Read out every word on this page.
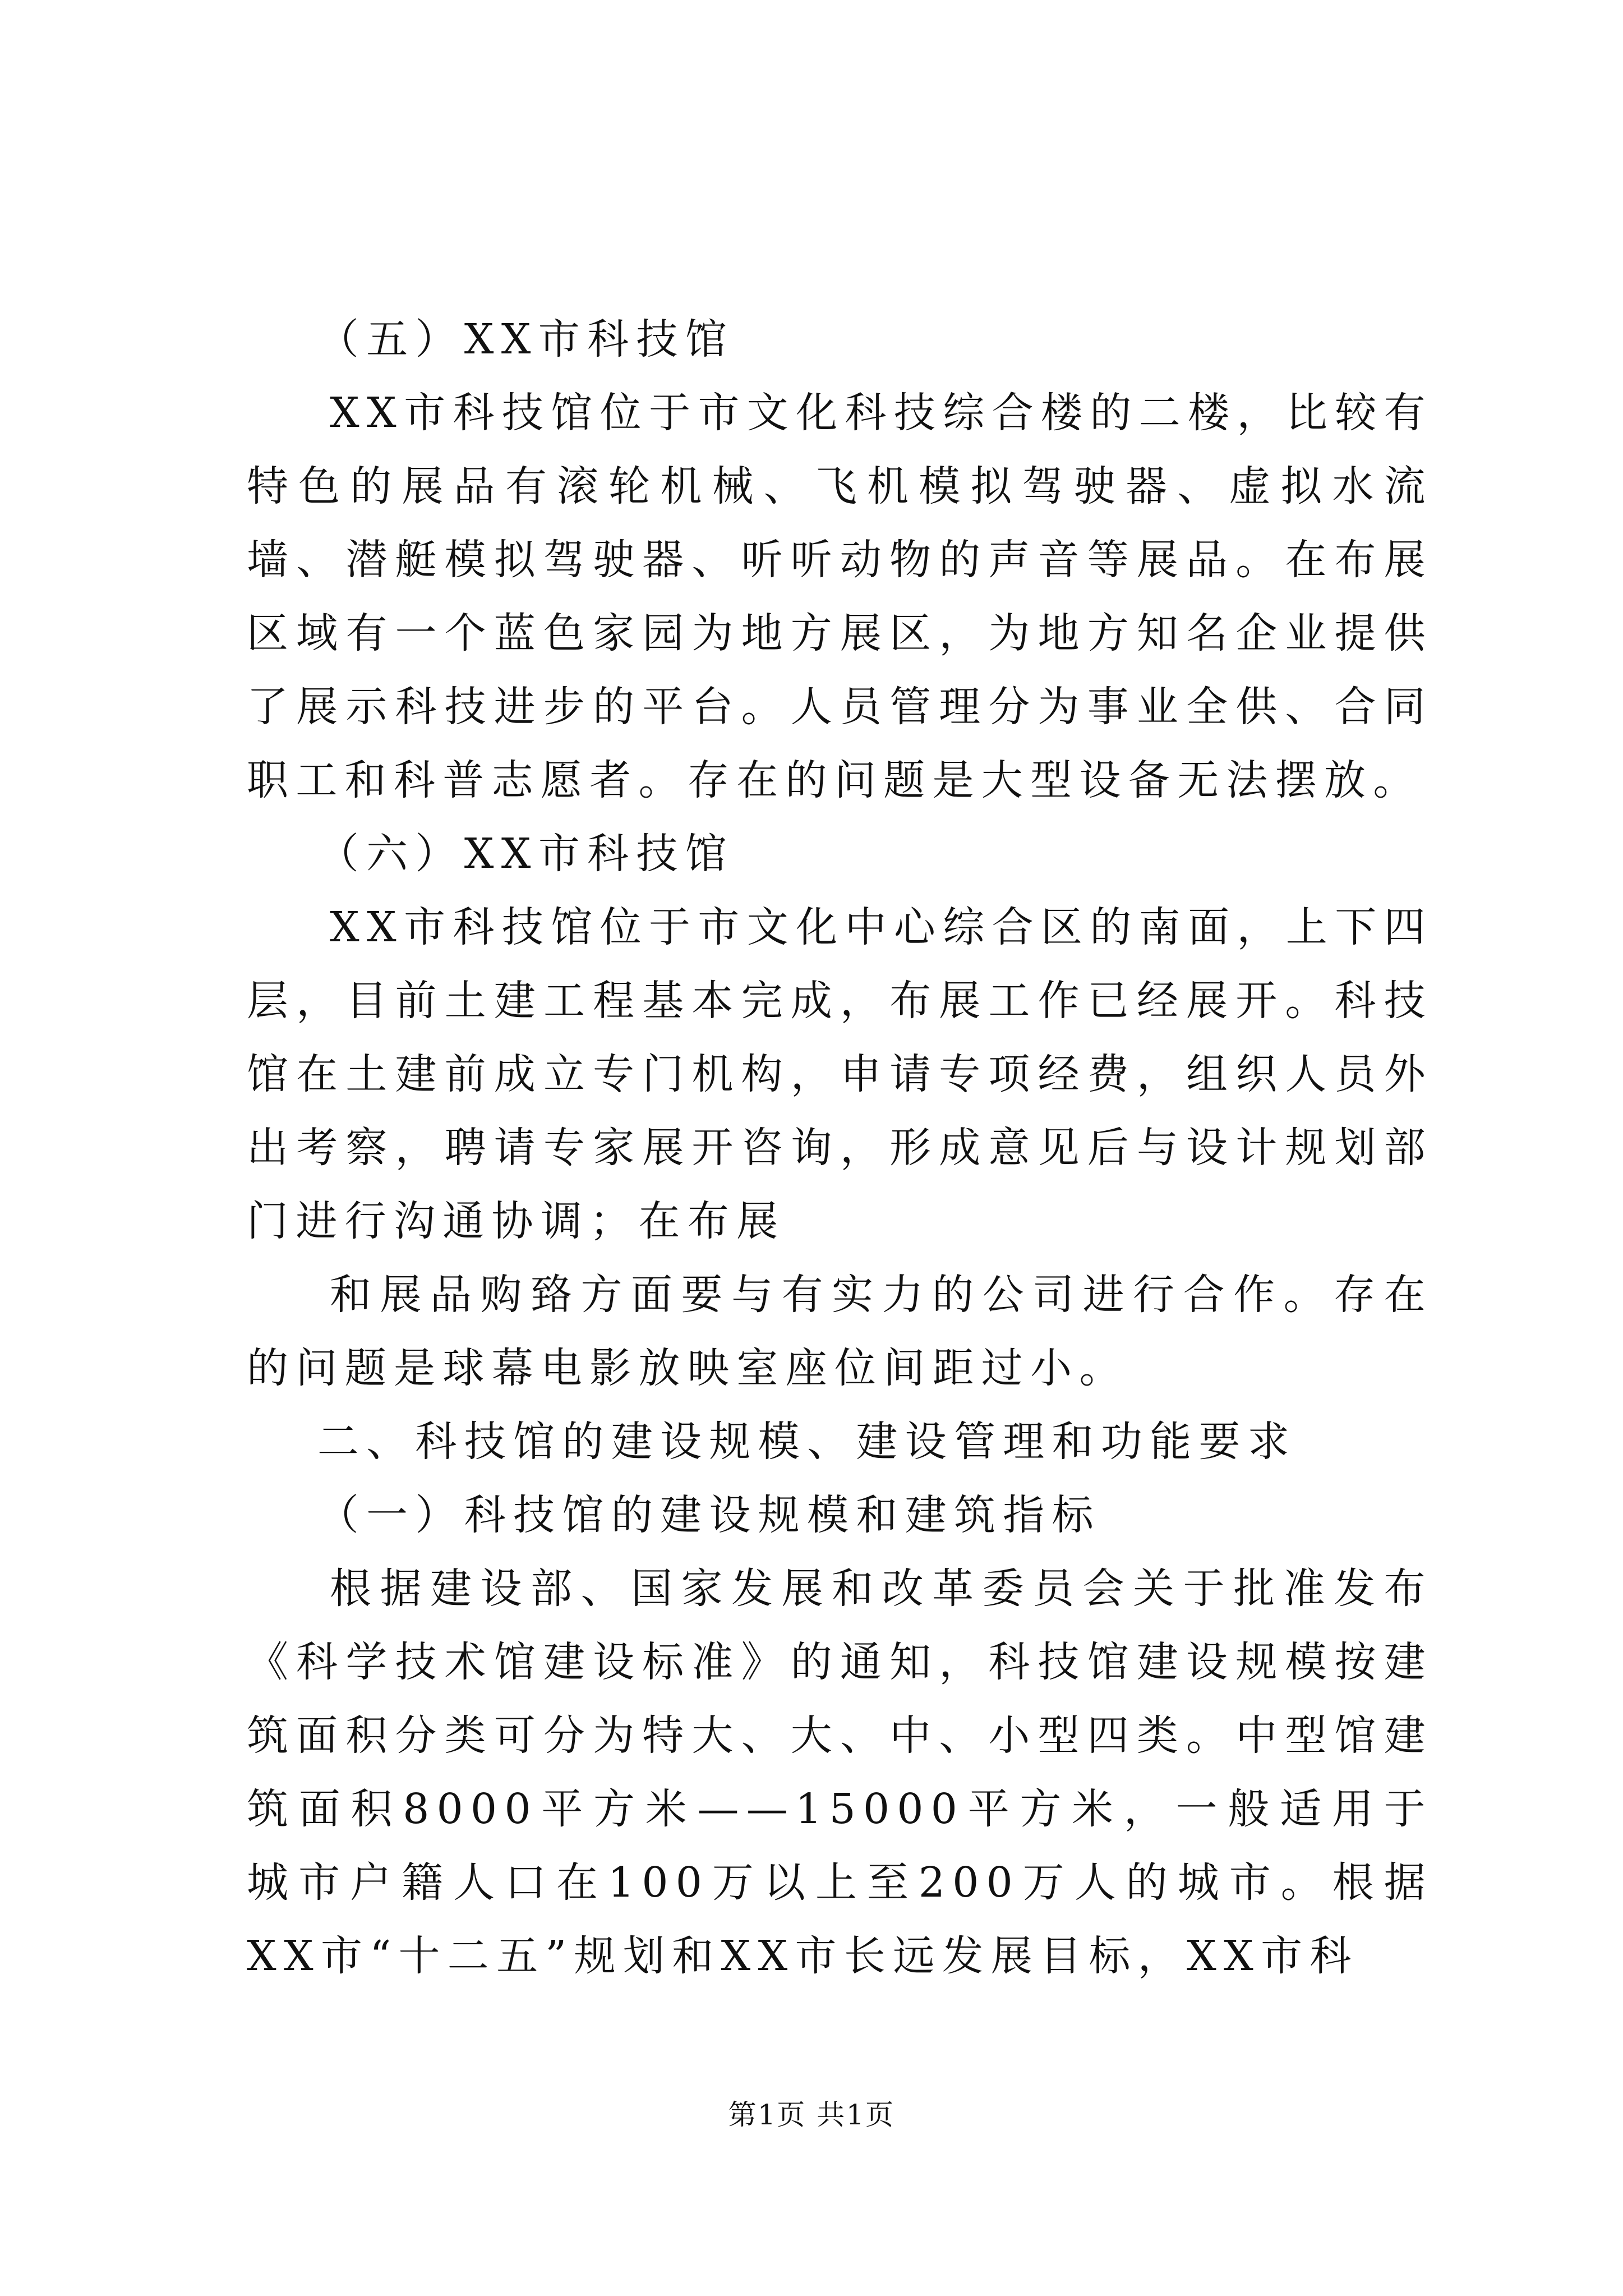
（五）XX市科技馆

XX市科技馆位于市文化科技综合楼的二楼，比较有特色的展品有滚轮机械、飞机模拟驾驶器、虚拟水流墙、潜艇模拟驾驶器、听听动物的声音等展品。在布展区域有一个蓝色家园为地方展区，为地方知名企业提供了展示科技进步的平台。人员管理分为事业全供、合同职工和科普志愿者。存在的问题是大型设备无法摆放。

（六）XX市科技馆

XX市科技馆位于市文化中心综合区的南面，上下四层，目前土建工程基本完成，布展工作已经展开。科技馆在土建前成立专门机构，申请专项经费，组织人员外出考察，聘请专家展开咨询，形成意见后与设计规划部门进行沟通协调；在布展

和展品购臵方面要与有实力的公司进行合作。存在的问题是球幕电影放映室座位间距过小。

二、科技馆的建设规模、建设管理和功能要求

（一）科技馆的建设规模和建筑指标

根据建设部、国家发展和改革委员会关于批准发布《科学技术馆建设标准》的通知，科技馆建设规模按建筑面积分类可分为特大、大、中、小型四类。中型馆建筑面积8000平方米——15000平方米，一般适用于城市户籍人口在100万以上至200万人的城市。根据XX市“十二五”规划和XX市长远发展目标，XX市科

第1页 共1页
